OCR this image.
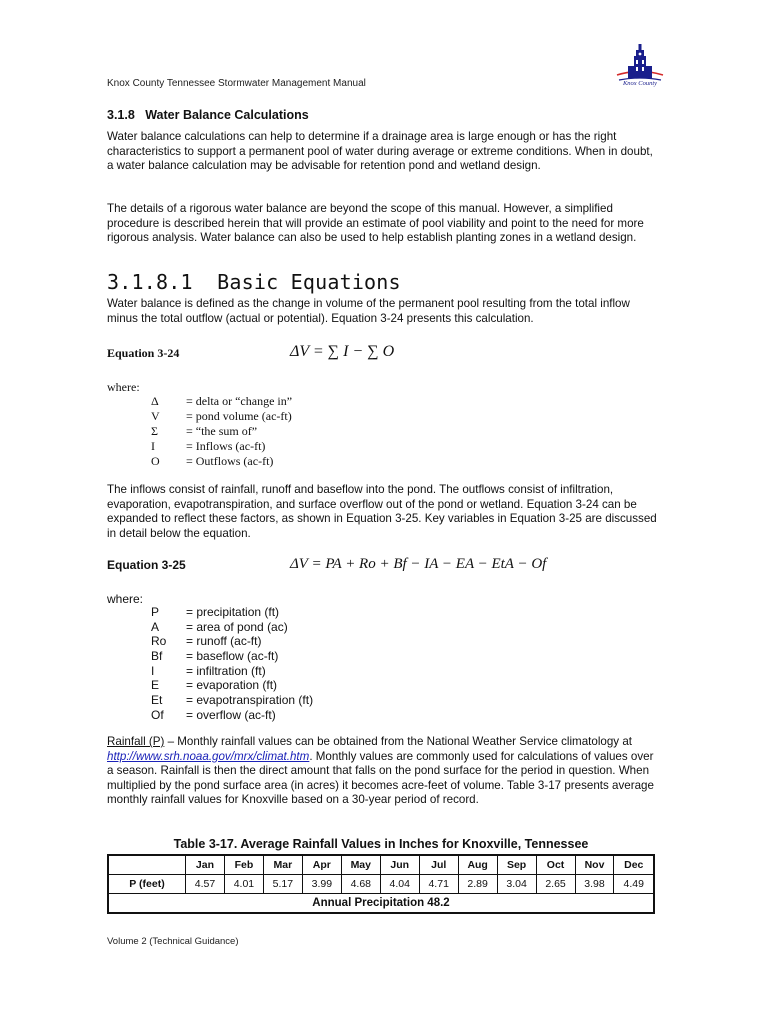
Knox County Tennessee Stormwater Management Manual	Knox County
3.1.8   Water Balance Calculations

Water balance calculations can help to determine if a drainage area is large enough or has the right characteristics to support a permanent pool of water during average or extreme conditions. When in doubt, a water balance calculation may be advisable for retention pond and wetland design.

The details of a rigorous water balance are beyond the scope of this manual. However, a simplified procedure is described herein that will provide an estimate of pool viability and point to the need for more rigorous analysis. Water balance can also be used to help establish planting zones in a wetland design.

3.1.8.1  Basic Equations

Water balance is defined as the change in volume of the permanent pool resulting from the total inflow minus the total outflow (actual or potential). Equation 3-24 presents this calculation.

Equation 3-24	ΔV = ∑ I − ∑ O
where:
Δ = delta or “change in”
V = pond volume (ac-ft)
Σ = “the sum of”
I	= Inflows (ac-ft)
O = Outflows (ac-ft)

The inflows consist of rainfall, runoff and baseflow into the pond. The outflows consist of infiltration, evaporation, evapotranspiration, and surface overflow out of the pond or wetland. Equation 3-24 can be expanded to reflect these factors, as shown in Equation 3-25. Key variables in Equation 3-25 are discussed in detail below the equation.

Equation 3-25	ΔV = PA + Ro + Bf − IA − EA − EtA − Of
where:
P = precipitation (ft)
A = area of pond (ac)
Ro = runoff (ac-ft)
Bf = baseflow (ac-ft)
I	= infiltration (ft)
E = evaporation (ft)
Et = evapotranspiration (ft)
Of = overflow (ac-ft)

Rainfall (P) – Monthly rainfall values can be obtained from the National Weather Service climatology at http://www.srh.noaa.gov/mrx/climat.htm. Monthly values are commonly used for calculations of values over a season. Rainfall is then the direct amount that falls on the pond surface for the period in question. When multiplied by the pond surface area (in acres) it becomes acre-feet of volume. Table 3-17 presents average monthly rainfall values for Knoxville based on a 30-year period of record.

Table 3-17. Average Rainfall Values in Inches for Knoxville, Tennessee
	Jan	Feb	Mar	Apr	May	Jun	Jul	Aug	Sep	Oct	Nov	Dec
P (feet)	4.57	4.01	5.17	3.99	4.68	4.04	4.71	2.89	3.04	2.65	3.98	4.49
Annual Precipitation 48.2												
Volume 2 (Technical Guidance)
